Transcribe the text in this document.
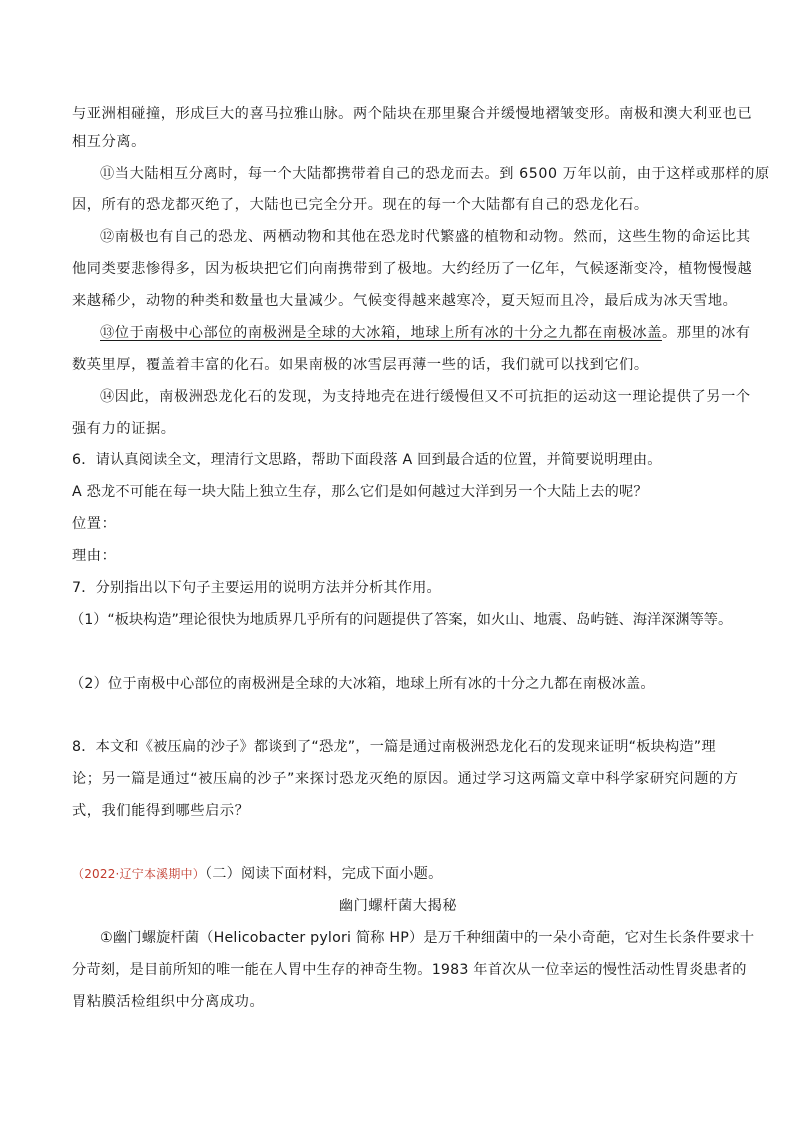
与亚洲相碰撞，形成巨大的喜马拉雅山脉。两个陆块在那里聚合并缓慢地褶皱变形。南极和澳大利亚也已
相互分离。
⑪当大陆相互分离时，每一个大陆都携带着自己的恐龙而去。到 6500 万年以前，由于这样或那样的原
因，所有的恐龙都灭绝了，大陆也已完全分开。现在的每一个大陆都有自己的恐龙化石。
⑫南极也有自己的恐龙、两栖动物和其他在恐龙时代繁盛的植物和动物。然而，这些生物的命运比其
他同类要悲惨得多，因为板块把它们向南携带到了极地。大约经历了一亿年，气候逐渐变冷，植物慢慢越
来越稀少，动物的种类和数量也大量减少。气候变得越来越寒冷，夏天短而且冷，最后成为冰天雪地。
⑬位于南极中心部位的南极洲是全球的大冰箱，地球上所有冰的十分之九都在南极冰盖。那里的冰有
数英里厚，覆盖着丰富的化石。如果南极的冰雪层再薄一些的话，我们就可以找到它们。
⑭因此，南极洲恐龙化石的发现，为支持地壳在进行缓慢但又不可抗拒的运动这一理论提供了另一个
强有力的证据。
6．请认真阅读全文，理清行文思路，帮助下面段落 A 回到最合适的位置，并简要说明理由。
A 恐龙不可能在每一块大陆上独立生存，那么它们是如何越过大洋到另一个大陆上去的呢？
位置：
理由：
7．分别指出以下句子主要运用的说明方法并分析其作用。
（1）“板块构造”理论很快为地质界几乎所有的问题提供了答案，如火山、地震、岛屿链、海洋深渊等等。
（2）位于南极中心部位的南极洲是全球的大冰箱，地球上所有冰的十分之九都在南极冰盖。
8．本文和《被压扁的沙子》都谈到了“恐龙”，一篇是通过南极洲恐龙化石的发现来证明“板块构造”理
论；另一篇是通过“被压扁的沙子”来探讨恐龙灭绝的原因。通过学习这两篇文章中科学家研究问题的方
式，我们能得到哪些启示？
（2022·辽宁本溪期中）（二）阅读下面材料，完成下面小题。
幽门螺杆菌大揭秘
①幽门螺旋杆菌（Helicobacter pylori 简称 HP）是万千种细菌中的一朵小奇葩，它对生长条件要求十
分苛刻，是目前所知的唯一能在人胃中生存的神奇生物。1983 年首次从一位幸运的慢性活动性胃炎患者的
胃粘膜活检组织中分离成功。
